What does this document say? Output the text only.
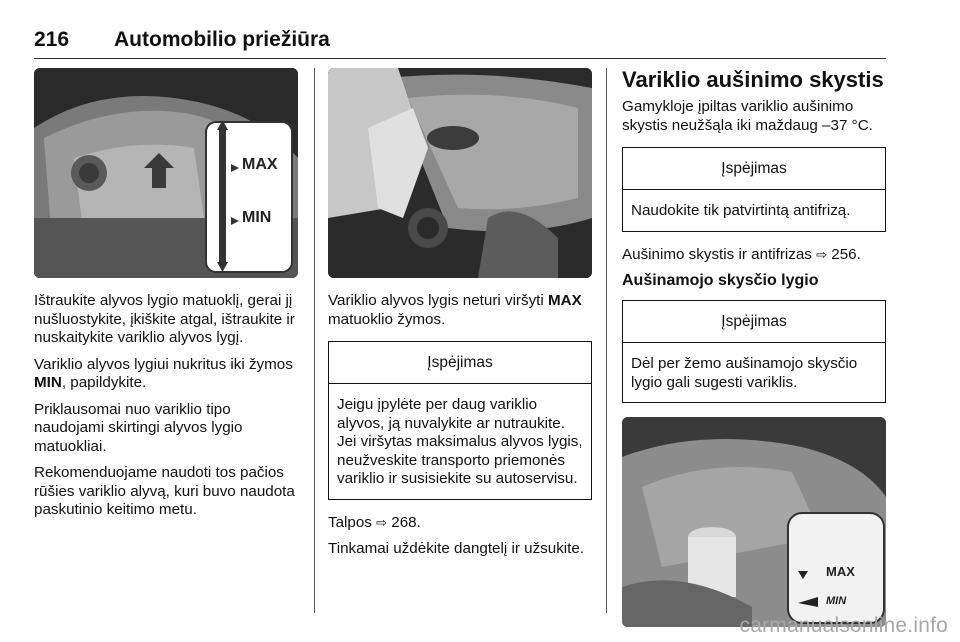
216 Automobilio priežiūra
MAX
MIN

Ištraukite alyvos lygio matuoklį, gerai jį nušluostykite, įkiškite atgal, ištraukite ir nuskaitykite variklio alyvos lygį.

Variklio alyvos lygiui nukritus iki žymos MIN, papildykite.

Priklausomai nuo variklio tipo naudojami skirtingi alyvos lygio matuokliai.

Rekomenduojame naudoti tos pačios rūšies variklio alyvą, kuri buvo naudota paskutinio keitimo metu.

Variklio alyvos lygis neturi viršyti MAX matuoklio žymos.

Įspėjimas
Jeigu įpylėte per daug variklio alyvos, ją nuvalykite ar nutraukite. Jei viršytas maksimalus alyvos lygis, neužveskite transporto priemonės variklio ir susisiekite su autoservisu.

Talpos ⇨ 268.

Tinkamai uždėkite dangtelį ir užsukite.

Variklio aušinimo skystis

Gamykloje įpiltas variklio aušinimo skystis neužšąla iki maždaug –37 °C.

Įspėjimas
Naudokite tik patvirtintą antifrizą.

Aušinimo skystis ir antifrizas ⇨ 256.

Aušinamojo skysčio lygio
Įspėjimas
Dėl per žemo aušinamojo skysčio lygio gali sugesti variklis.
MAX
MIN
carmanualsonline.info
